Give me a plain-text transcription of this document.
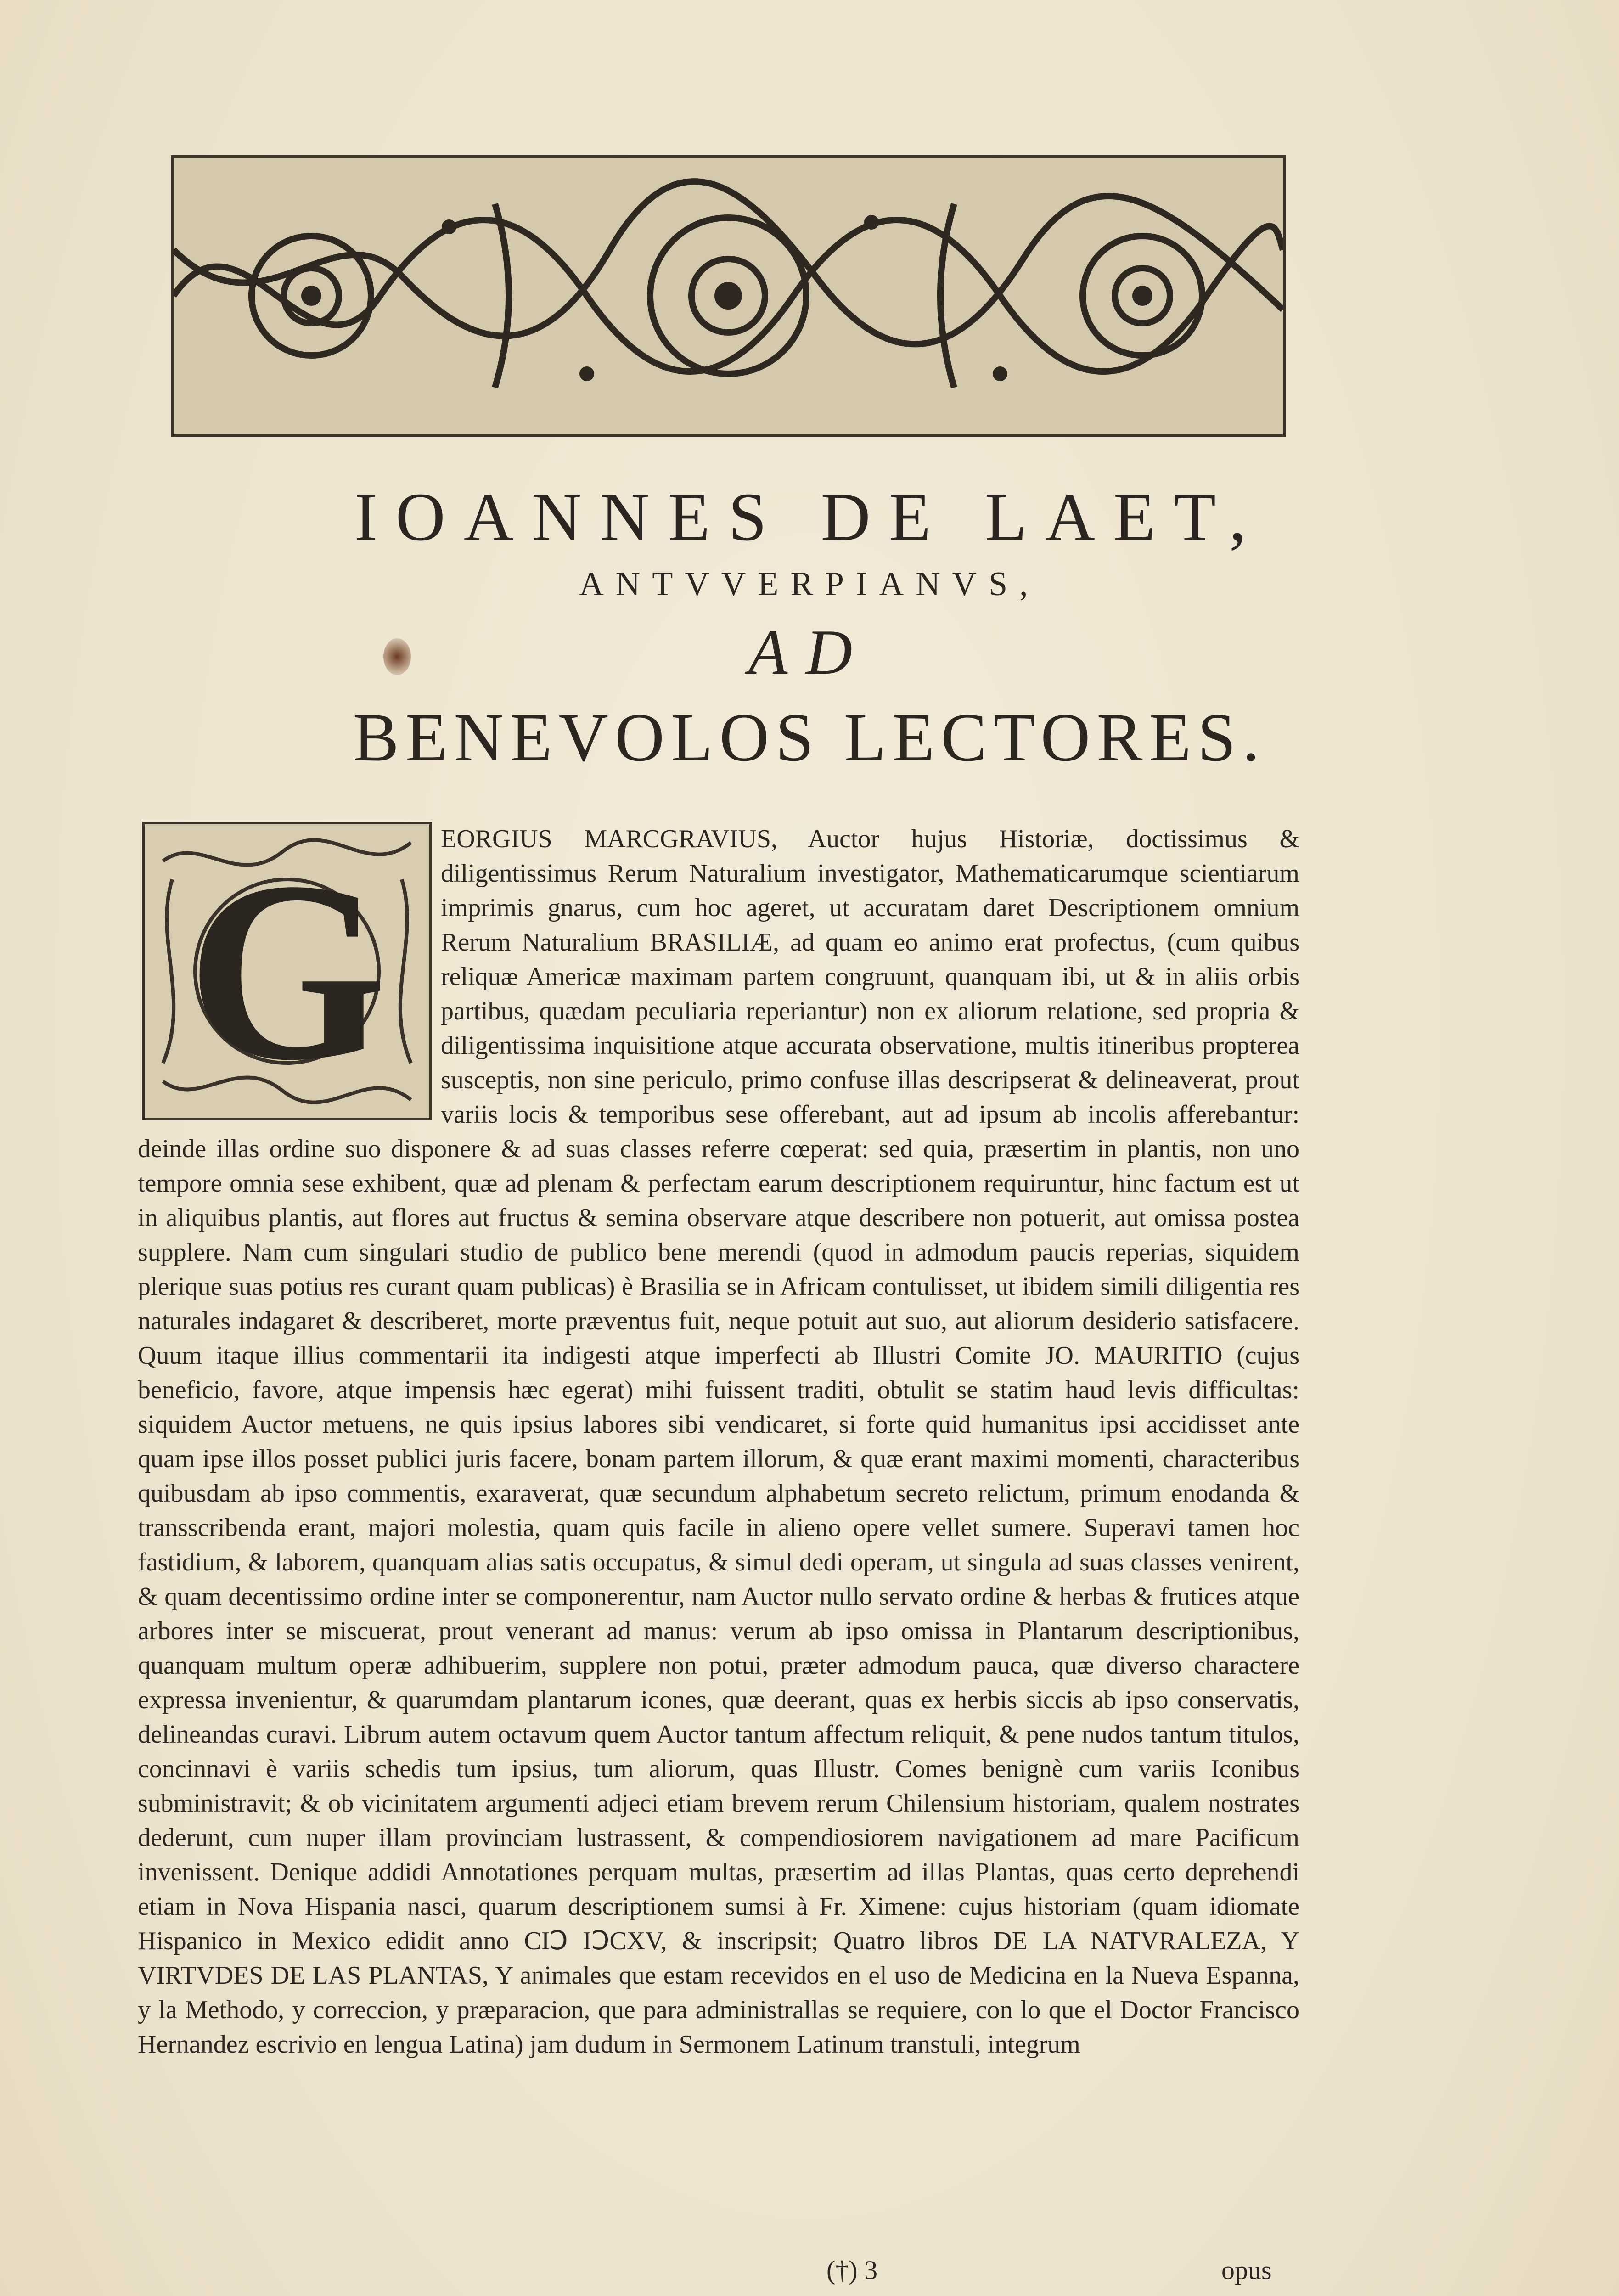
IOANNES DE LAET,
ANTVVERPIANVS,
AD
BENEVOLOS LECTORES.
G	EORGIUS MARCGRAVIUS, Auctor hujus Historiæ, doctissimus & diligentissimus Rerum Naturalium investigator, Mathematicarumque scientiarum imprimis gnarus, cum hoc ageret, ut accuratam daret Descriptionem omnium Rerum Naturalium BRASILIÆ, ad quam eo animo erat profectus, (cum quibus reliquæ Americæ maximam partem congruunt, quanquam ibi, ut & in aliis orbis partibus, quædam peculiaria reperiantur) non ex aliorum relatione, sed propria & diligentissima inquisitione atque accurata observatione, multis itineribus propterea susceptis, non sine periculo, primo confuse illas descripserat & delineaverat, prout variis locis & temporibus sese offerebant, aut ad ipsum ab incolis afferebantur: deinde illas ordine suo disponere & ad suas classes referre cœperat: sed quia, præsertim in plantis, non uno tempore omnia sese exhibent, quæ ad plenam & perfectam earum descriptionem requiruntur, hinc factum est ut in aliquibus plantis, aut flores aut fructus & semina observare atque describere non potuerit, aut omissa postea supplere. Nam cum singulari studio de publico bene merendi (quod in admodum paucis reperias, siquidem plerique suas potius res curant quam publicas) è Brasilia se in Africam contulisset, ut ibidem simili diligentia res naturales indagaret & describeret, morte præventus fuit, neque potuit aut suo, aut aliorum desiderio satisfacere. Quum itaque illius commentarii ita indigesti atque imperfecti ab Illustri Comite JO. MAURITIO (cujus beneficio, favore, atque impensis hæc egerat) mihi fuissent traditi, obtulit se statim haud levis difficultas: siquidem Auctor metuens, ne quis ipsius labores sibi vendicaret, si forte quid humanitus ipsi accidisset ante quam ipse illos posset publici juris facere, bonam partem illorum, & quæ erant maximi momenti, characteribus quibusdam ab ipso commentis, exaraverat, quæ secundum alphabetum secreto relictum, primum enodanda & transscribenda erant, majori molestia, quam quis facile in alieno opere vellet sumere. Superavi tamen hoc fastidium, & laborem, quanquam alias satis occupatus, & simul dedi operam, ut singula ad suas classes venirent, & quam decentissimo ordine inter se componerentur, nam Auctor nullo servato ordine & herbas & frutices atque arbores inter se miscuerat, prout venerant ad manus: verum ab ipso omissa in Plantarum descriptionibus, quanquam multum operæ adhibuerim, supplere non potui, præter admodum pauca, quæ diverso charactere expressa invenientur, & quarumdam plantarum icones, quæ deerant, quas ex herbis siccis ab ipso conservatis, delineandas curavi. Librum autem octavum quem Auctor tantum affectum reliquit, & pene nudos tantum titulos, concinnavi è variis schedis tum ipsius, tum aliorum, quas Illustr. Comes benignè cum variis Iconibus subministravit; & ob vicinitatem argumenti adjeci etiam brevem rerum Chilensium historiam, qualem nostrates dederunt, cum nuper illam provinciam lustrassent, & compendiosiorem navigationem ad mare Pacificum invenissent. Denique addidi Annotationes perquam multas, præsertim ad illas Plantas, quas certo deprehendi etiam in Nova Hispania nasci, quarum descriptionem sumsi à Fr. Ximene: cujus historiam (quam idiomate Hispanico in Mexico edidit anno CIↃ IↃCXV, & inscripsit; Quatro libros DE LA NATVRALEZA, Y VIRTVDES DE LAS PLANTAS, Y animales que estam recevidos en el uso de Medicina en la Nueva Espanna, y la Methodo, y correccion, y præparacion, que para administrallas se requiere, con lo que el Doctor Francisco Hernandez escrivio en lengua Latina) jam dudum in Sermonem Latinum transtuli, integrum

(†) 3	opus
